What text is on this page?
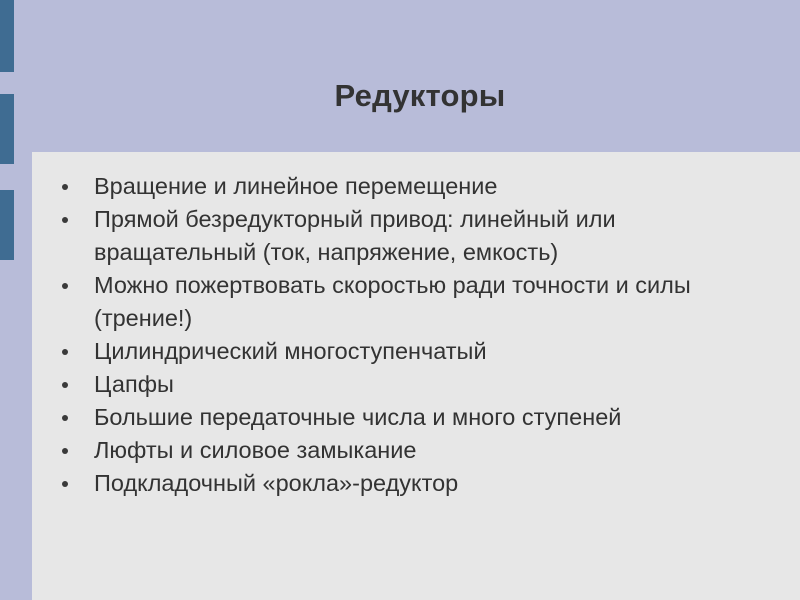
Редукторы
Вращение и линейное перемещение
Прямой безредукторный привод: линейный или вращательный (ток, напряжение, емкость)
Можно пожертвовать скоростью ради точности и силы (трение!)
Цилиндрический многоступенчатый
Цапфы
Большие передаточные числа и много ступеней
Люфты и силовое замыкание
Подкладочный «рокла»-редуктор
